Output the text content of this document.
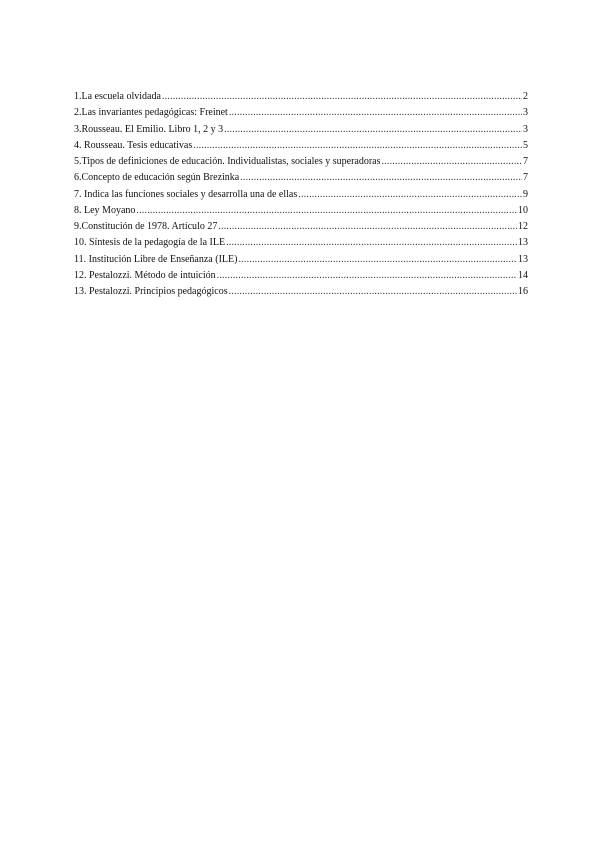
1.La escuela olvidada .....	2
2.Las invariantes pedagógicas: Freinet .....	3
3.Rousseau. El Emilio. Libro 1, 2 y 3 .....	3
4. Rousseau. Tesis educativas .....	5
5.Tipos de definiciones de educación. Individualistas, sociales y superadoras .....	7
6.Concepto de educación según Brezinka .....	7
7. Indica las funciones sociales y desarrolla una de ellas .....	9
8. Ley Moyano .....	10
9.Constitución de 1978. Artículo 27 .....	12
10. Síntesis de la pedagogía de la ILE .....	13
11. Institución Libre de Enseñanza (ILE) .....	13
12. Pestalozzi. Método de intuición .....	14
13. Pestalozzi. Principios pedagógicos .....	16
